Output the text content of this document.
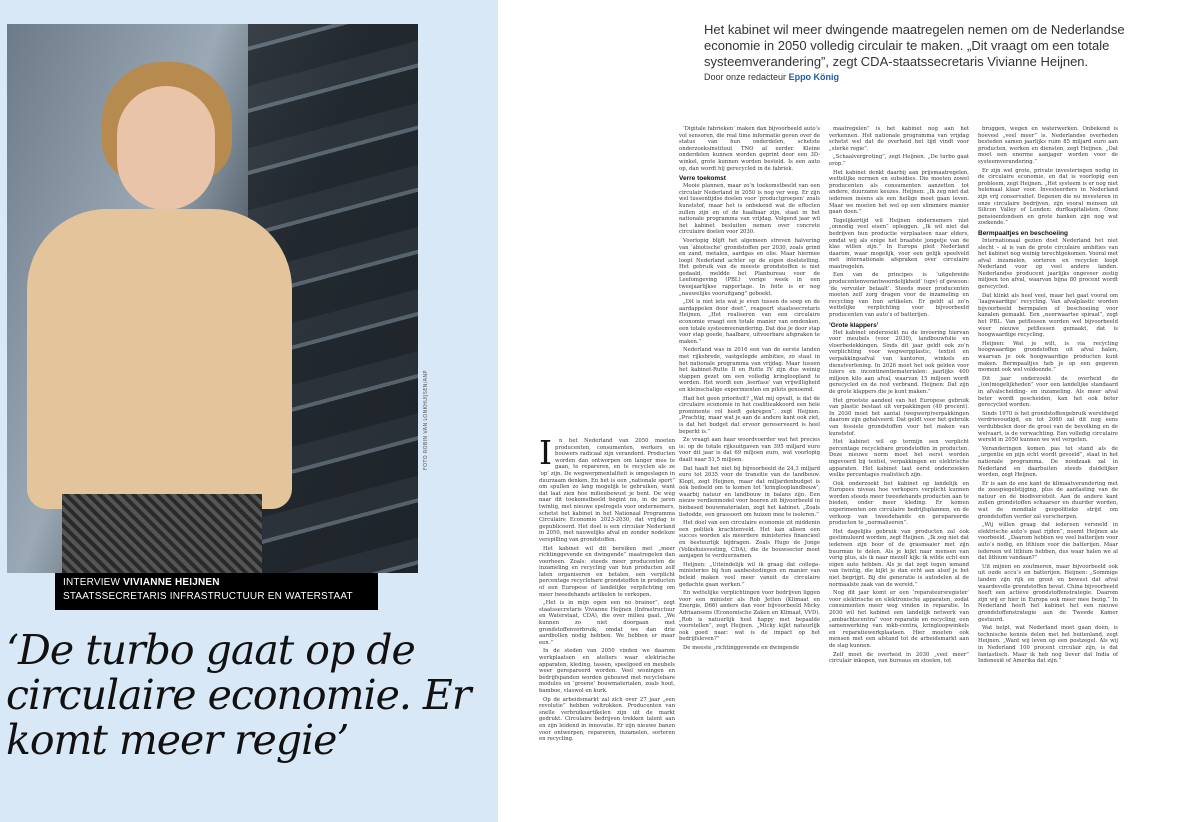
FOTO ROBIN VAN LONKHUIJSEN/ANP
INTERVIEW VIVIANNE HEIJNEN
STAATSSECRETARIS INFRASTRUCTUUR EN WATERSTAAT
‘De turbo gaat op de circulaire economie. Er komt meer regie’

Het kabinet wil meer dwingende maatregelen nemen om de Nederlandse economie in 2050 volledig circulair te maken. „Dit vraagt om een totale systeemverandering”, zegt CDA-staatssecretaris Vivianne Heijnen.

Door onze redacteur Eppo König
I	n het Nederland van 2050 moeten producenten, consumenten, werkers en bouwers radicaal zijn veranderd. Producten worden dan ontworpen om langer mee te gaan, te repareren, en te recyclen als ze ‘op’ zijn. De wegwerpmentaliteit is omgeslagen in duurzaam denken. En het is een „nationale sport” om spullen zo lang mogelijk te gebruiken, want dat laat zien hoe milieubewust je bent. De weg naar dit toekomstbeeld begint nu, in de jaren twintig, met nieuwe spelregels voor ondernemers, schetst het kabinet in het Nationaal Programma Circulaire Economie 2023-2030, dat vrijdag is gepubliceerd. Het doel is een circulair Nederland in 2050, met nauwelijks afval en zonder nodeloze verspilling van grondstoffen.

Het kabinet wil dit bereiken met „meer richtinggevende en dwingende” maatregelen dan voorheen. Zoals: steeds meer producenten de inzameling en recycling van hun producten zelf laten organiseren en betalen, een verplicht percentage recyclebare grondstoffen in producten of een Europese of landelijke verplichting om meer tweedehands artikelen te verkopen.

„Het is in mijn ogen een no brainer”, zegt staatssecretaris Vivianne Heijnen (Infrastructuur en Waterstaat, CDA), die over milieu gaat. „We kunnen zo niet doorgaan met grondstoffenverbruik, omdat we dan drie aardbollen nodig hebben. We hebben er maar een.”

In de steden van 2050 vinden we daarom werkplaatsen en ateliers waar elektrische apparaten, kleding, tassen, speelgoed en meubels weer gerepareerd worden. Veel woningen en bedrijfspanden worden gebouwd met recyclebare modules en ‘groene’ bouwmaterialen, zoals hout, bamboe, vlaswol en kurk.

Op de arbeidsmarkt zal zich over 27 jaar „een revolutie” hebben voltrokken. Producenten van snelle verbruiksartikelen zijn uit de markt gedrukt. Circulaire bedrijven trekken talent aan en zijn leidend in innovatie. Er zijn nieuwe banen voor ontwerpen, repareren, inzamelen, sorteren en recycling.

‘Digitale fabrieken’ maken dan bijvoorbeeld auto’s vol sensoren, die real time informatie geven over de status van hun onderdelen, schetste onderzoeksinstituut TNO al eerder. Kleine onderdelen kunnen worden geprint door een 3D-winkel, grote kunnen worden besteld. Is een auto op, dan wordt hij gerecycled in de fabriek.

Verre toekomst

Mooie plannen, maar zo’n toekomstbeeld van een circulair Nederland in 2050 is nog ver weg. Er zijn wel tussentijdse doelen voor ‘productgroepen’ zoals kunststof, maar het is onbekend wat de effecten zullen zijn en of de haalbaar zijn, staat in het nationale programma van vrijdag. Volgend jaar wil het kabinet besluiten nemen over concrete circulaire doelen voor 2030.

Voorlopig blijft het algemeen streven halvering van ‘abiotische’ grondstoffen per 2030, zoals grind en zand, metalen, aardgas en olie. Maar hiermee loopt Nederland achter op de eigen doelstelling. Het gebruik van de meeste grondstoffen is niet gedaald, meldde het Planbureau voor de Leefomgeving (PBL) vorige week in een tweejaarlijkse rapportage. In feite is er nog „nauwelijks vooruitgang” geboekt.

„Dit is niet iets wat je even tussen de soep en de aardappelen door doet”, reageert staatssecretaris Heijnen. „Het realiseren van een circulaire economie vraagt een totale manier van omdenken, een totale systeemverandering. Dat doe je door stap voor stap goede, haalbare, uitvoerbare afspraken te maken.”

Nederland was in 2016 een van de eerste landen met rijksbrede, vastgelegde ambities, zo staat in het nationale programma van vrijdag. Maar tussen het kabinet-Rutte II en Rutte IV zijn dus weinig stappen gezet om een volledig kringloopland te worden. Het wordt een ‚leerfase’ van vrijwilligheid en kleinschalige experimenten en pilots genoemd.

Had het geen prioriteit? „Wat mij opvalt, is dat de circulaire economie in het coalitieakkoord een hele prominente rol heeft gekregen”, zegt Heijnen. „Prachtig, maar wat je aan de andere kant ook ziet, is dat het budget dat ervoor gereserveerd is heel beperkt is.”

Ze vraagt aan haar woordvoerder wat het precies is: op de totale rijksuitgaven van 395 miljard euro voor dit jaar is dat 69 miljoen euro, wat voorlopig daalt naar 51,5 miljoen.

Dat haalt het niet bij bijvoorbeeld de 24,3 miljard euro tot 2035 voor de transitie van de landbouw. Klopt, zegt Heijnen, maar dat miljardenbudget is óók bedoeld om te komen tot ‘kringlooplandbouw’, waarbij natuur en landbouw in balans zijn. Een nieuw verdienmodel voor boeren zit bijvoorbeeld in biobased bouwmaterialen, zegt het kabinet. „Zoals lisdodde, een grassoort om huizen mee te isoleren.”

Het doel van een circulaire economie zit middenin een politiek krachtenveld. Het kan alleen een succes worden als meerdere ministeries financieel en bestuurlijk bijdragen. Zoals Hugo de Jonge (Volkshuisvesting, CDA), die de bouwsector moet aanjagen te verduurzamen.

Heijnen: „Uiteindelijk wil ik graag dat collega-ministeries bij hun aanbestedingen en manier van beleid maken veel meer vanuit de circulaire gedachte gaan werken.”

En wettelijke verplichtingen voor bedrijven liggen voor een minister als Rob Jetten (Klimaat en Energie, D66) anders dan voor bijvoorbeeld Micky Adriaansens (Economische Zaken en Klimaat, VVD). „Rob is natuurlijk heel happy met bepaalde voorstellen”, zegt Heijnen. „Micky kijkt natuurlijk ook goed naar: wat is de impact op het bedrijfsleven?”

De meeste „richtinggevende en dwingende

maatregelen” is het kabinet nog aan het verkennen. Het nationale programma van vrijdag schetst wel dat de overheid het tijd vindt voor „sterke regie”.

„Schaalvergroting”, zegt Heijnen. „De turbo gaat erop.”

Het kabinet denkt daarbij aan prijsmaatregelen, wettelijke normen en subsidies. Die moeten zowel producenten als consumenten aanzetten tot andere, duurzame keuzes. Heijnen: „Ik zeg niet dat iedereen ineens als een heilige moet gaan leven. Maar we moeten het wel op een slimmere manier gaan doen.”

Tegelijkertijd wil Heijnen ondernemers niet „onnodig veel eisen” opleggen. „Ik wil niet dat bedrijven hun productie verplaatsen naar elders, omdat wij als enige het braafste jongetje van de klas willen zijn.” In Europa pleit Nederland daarom, waar mogelijk, voor een gelijk speelveld met internationale afspraken over circulaire maatregelen.

Een van de principes is ‘uitgebreide producentenverantwoordelijkheid’ (upv) of gewoon: ‘de vervuiler betaalt’. Steeds meer producenten moeten zelf zorg dragen voor de inzameling en recycling van hun artikelen. Er geldt al zo’n wettelijke verplichting voor bijvoorbeeld producenten van auto’s of batterijen.

‘Grote klappers’

Het kabinet onderzoekt nu de invoering hiervan voor meubels (voor 2030), landbouwfolie en vloerbedekkingen. Sinds dit jaar geldt ook zo’n verplichting voor wegwerpplastic, textiel en verpakkingsafval van kantoren, winkels en dienstverlening. In 2026 moet het ook gelden voor luiers en incontinentiematerialen: jaarlijks 400 miljoen kilo aan afval, waarvan 15 miljoen wordt gerecycled en de rest verbrand. Heijnen: Dat zijn de grote klappers die je kunt maken.”

Het grootste aandeel van het Europese gebruik van plastic bestaat uit verpakkingen (40 procent). In 2030 moet het aantal (wegwerp)verpakkingen daarom zijn gehalveerd. Dat geldt voor het gebruik van fossiele grondstoffen voor het maken van kunststof.

Het kabinet wil op termijn een verplicht percentage recyclebare grondstoffen in producten. Deze nieuwe norm moet het eerst worden ingevoerd bij textiel, verpakkingen en elektrische apparaten. Het kabinet laat eerst onderzoeken welke percentages realistisch zijn.

Ook onderzoekt het kabinet op landelijk en Europees niveau hoe verkopers verplicht kunnen worden steeds meer tweedehands producten aan te bieden, onder meer kleding. Er komen experimenten om circulaire bedrijfsplannen, en de verkoop van tweedehands en gerepareerde producten te „normaliseren”.

Het dagelijks gebruik van producten zal ook gestimuleerd worden, zegt Heijnen. „Ik zeg niet dat iedereen zijn boor of de grasmaaier met zijn buurman te delen. Als je kijkt naar mensen van vorig plus, als ik naar mezelf kijk: ik wilde echt een eigen auto hebben. Als je dat zegt tegen iemand van twintig, die kijkt je dan echt aan alsof je het niet begrijpt. Bij die generatie is autodelen al de normaalste zaak van de wereld.”

Nog dit jaar komt er een ‘reparateursregister’ voor elektrische en elektronische apparaten, zodat consumenten meer weg vinden in reparatie. In 2030 wil het kabinet een landelijk netwerk van „ambachtscentra” voor reparatie en recycling, een samenwerking van mkb-centra, kringloopwinkels en reparatiewerkplaatsen. Hier moeten ook mensen met een afstand tot de arbeidsmarkt aan de slag kunnen.

Zelf moet de overheid in 2030 „veel meer” circulair inkopen, van bureaus en stoelen, tot

bruggen, wegen en waterwerken. Onbekend is hoeveel „veel meer” is. Nederlandse overheden besteden samen jaarlijks ruim 85 miljard euro aan producten, werken en diensten, zegt Heijnen. „Dat moet een enorme aanjager worden voor de systeemverandering.”

Er zijn wel grote, private investeringen nodig in de circulaire economie, en dat is voorlopig een probleem, zegt Heijnen. „Het systeem is er nog niet helemaal klaar voor. Investeerders in Nederland zijn vrij conservatief. Degenen die nu investeren in onze circulaire bedrijven, zijn vooral mensen uit Silicon Valley of Londen: durfkapitalisten. Onze pensioenfondsen en grote banken zijn nog wat zoekende.”

Bermpaaltjes en beschoeiing

Internationaal gezien doet Nederland het niet slecht – al is van de grote circulaire ambities van het kabinet nog weinig terechtgekomen. Vooral met afval inzamelen, sorteren en recyclen loopt Nederland voor op veel andere landen. Nederlandse producent jaarlijks ongeveer zestig miljoen ton afval, waarvan bijna 80 procent wordt gerecycled.

Dat klinkt als heel veel, maar het gaat vooral om ‘laagwaardige’ recycling. Van afvalplastic worden bijvoorbeeld bermpalen of beschoeiing voor kanalen gemaakt. Een „neerwaartse spiraal”, zegt het PBL. Van petflessen worden wel bijvoorbeeld weer nieuwe petflessen gemaakt, dat is hoogwaardige recycling.

Heijnen: Wat je wilt, is via recycling hoogwaardige grondstoffen uit afval halen, waarvan je ook hoogwaardige producten kunt maken. Bermpaaltjes heb je op een gegeven moment ook wel voldoende.”

Dit jaar onderzoekt de overheid de „(on)mogelijkheden” voor een landelijke standaard in afvalscheiding- en inzameling. Als meer afval beter wordt gescheiden, kan het ook beter gerecycled worden.

Sinds 1970 is het grondstoffengebruik wereldwijd verdrievoudigd, en tot 2060 zal dit nog eens verdubbelen door de groei van de bevolking en de welvaart, is de verwachting. Een volledig circulaire wereld in 2050 kunnen we wel vergeten.

Veranderingen komen pas tot stand als de „urgentie en pijn echt wordt gevoeld”, staat in het nationale programma. De noodzaak zal in Nederland en daarbuiten steeds duidelijker worden, zegt Heijnen.

Er is aan de ene kant de klimaatverandering met de zeespiegelstijging, plus de aantasting van de natuur en de biodiversiteit. Aan de andere kant zullen grondstoffen schaarser en duurder worden, wat de mondiale geopolitieke strijd om grondstoffen verder zal verscherpen.

„Wij willen graag dat iedereen versneld in elektrische auto’s gaat rijden”, noemt Heijnen als voorbeeld. „Daarom hebben we veel batterijen voor auto’s nodig, en lithium voor die batterijen. Maar iedereen wil lithium hebben, dus waar halen we al dat lithium vandaan?”

Uit mijnen en zoutmeren, maar bijvoorbeeld ook uit oude accu’s en batterijen. Heijnen: „Sommige landen zijn rijk en groot en bewust dat afval waardevolle grondstoffen bevat. China bijvoorbeeld heeft een actieve grondstoffenstrategie. Daarom zijn wij er hier in Europa ook meer mee bezig.” In Nederland heeft het kabinet het een nieuwe grondstoffenstrategie aan de Tweede Kamer gestuurd.

Wat helpt, wat Nederland moet gaan doen, is technische kennis delen met het buitenland, zegt Heijnen. „Want wij leven op een postzegel. Als wij in Nederland 100 procent circulair zijn, is dat fantastisch. Maar ik heb nog liever dat India of Indonesië of Amerika dat zijn.”
